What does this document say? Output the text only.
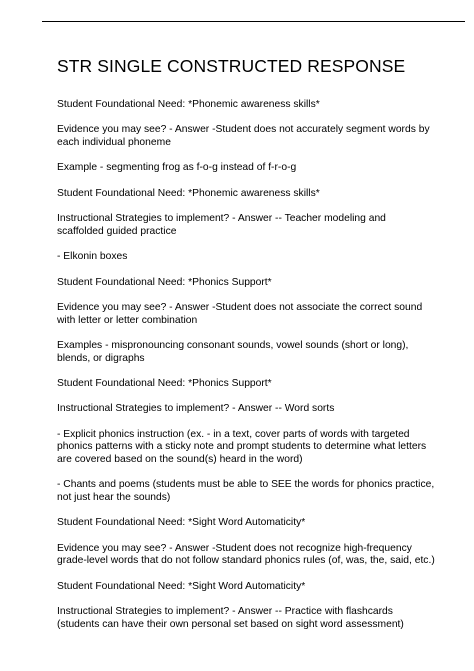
STR SINGLE CONSTRUCTED RESPONSE

Student Foundational Need: *Phonemic awareness skills*

Evidence you may see? - Answer -Student does not accurately segment words by each individual phoneme

Example - segmenting frog as f-o-g instead of f-r-o-g

Student Foundational Need: *Phonemic awareness skills*

Instructional Strategies to implement? - Answer -- Teacher modeling and scaffolded guided practice

- Elkonin boxes

Student Foundational Need: *Phonics Support*

Evidence you may see? - Answer -Student does not associate the correct sound with letter or letter combination

Examples - mispronouncing consonant sounds, vowel sounds (short or long), blends, or digraphs

Student Foundational Need: *Phonics Support*

Instructional Strategies to implement? - Answer -- Word sorts

- Explicit phonics instruction (ex. - in a text, cover parts of words with targeted phonics patterns with a sticky note and prompt students to determine what letters are covered based on the sound(s) heard in the word)

- Chants and poems (students must be able to SEE the words for phonics practice, not just hear the sounds)

Student Foundational Need: *Sight Word Automaticity*

Evidence you may see? - Answer -Student does not recognize high-frequency grade-level words that do not follow standard phonics rules (of, was, the, said, etc.)

Student Foundational Need: *Sight Word Automaticity*

Instructional Strategies to implement? - Answer -- Practice with flashcards (students can have their own personal set based on sight word assessment)
